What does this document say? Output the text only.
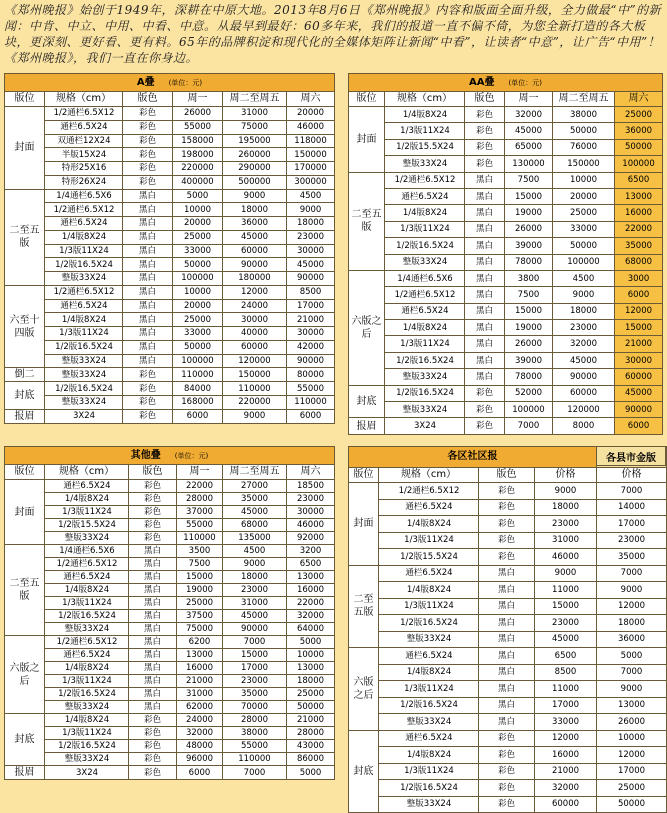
《郑州晚报》始创于1949年，深耕在中原大地。2013年8月6日《郑州晚报》内容和版面全面升级，全力做最“中”的新闻：中肯、中立、中用、中看、中意。从最早到最好：60多年来，我们的报道一直不偏不倚，为您全新打造的各大板块，更深刻、更好看、更有料。65年的品牌积淀和现代化的全媒体矩阵让新闻“中看”，让读者“中意”，让广告“中用”！《郑州晚报》，我们一直在你身边。
A叠 (单位：元)					
版位	规格（cm）	版色	周一	周二至周五	周六
封面	1/2通栏6.5X12	彩色	26000	31000	20000
	通栏6.5X24	彩色	55000	75000	46000
	双通栏12X24	彩色	158000	195000	118000
	半版15X24	彩色	198000	260000	150000
	特形25X16	彩色	220000	290000	170000
	特形26X24	彩色	400000	500000	300000
二至五版	1/4通栏6.5X6	黑白	5000	9000	4500
	1/2通栏6.5X12	黑白	10000	18000	9000
	通栏6.5X24	黑白	20000	36000	18000
	1/4版8X24	黑白	25000	45000	23000
	1/3版11X24	黑白	33000	60000	30000
	1/2版16.5X24	黑白	50000	90000	45000
	整版33X24	黑白	100000	180000	90000
六至十四版	1/2通栏6.5X12	黑白	10000	12000	8500
	通栏6.5X24	黑白	20000	24000	17000
	1/4版8X24	黑白	25000	30000	21000
	1/3版11X24	黑白	33000	40000	30000
	1/2版16.5X24	黑白	50000	60000	42000
	整版33X24	黑白	100000	120000	90000
倒二	整版33X24	彩色	110000	150000	80000
封底	1/2版16.5X24	彩色	84000	110000	55000
	整版33X24	彩色	168000	220000	110000
报眉	3X24	彩色	6000	9000	6000
AA叠 (单位：元)					
版位	规格（cm）	版色	周一	周二至周五	周六
封面	1/4版8X24	彩色	32000	38000	25000
	1/3版11X24	彩色	45000	50000	36000
	1/2版15.5X24	彩色	65000	76000	50000
	整版33X24	彩色	130000	150000	100000
二至五版	1/2通栏6.5X12	黑白	7500	10000	6500
	通栏6.5X24	黑白	15000	20000	13000
	1/4版8X24	黑白	19000	25000	16000
	1/3版11X24	黑白	26000	33000	22000
	1/2版16.5X24	黑白	39000	50000	35000
	整版33X24	黑白	78000	100000	68000
六版之后	1/4通栏6.5X6	黑白	3800	4500	3000
	1/2通栏6.5X12	黑白	7500	9000	6000
	通栏6.5X24	黑白	15000	18000	12000
	1/4版8X24	黑白	19000	23000	15000
	1/3版11X24	黑白	26000	32000	21000
	1/2版16.5X24	黑白	39000	45000	30000
	整版33X24	黑白	78000	90000	60000
封底	1/2版16.5X24	彩色	52000	60000	45000
	整版33X24	彩色	100000	120000	90000
报眉	3X24	彩色	7000	8000	6000
其他叠 (单位：元)					
版位	规格（cm）	版色	周一	周二至周五	周六
封面	通栏6.5X24	彩色	22000	27000	18500
	1/4版8X24	彩色	28000	35000	23000
	1/3版11X24	彩色	37000	45000	30000
	1/2版15.5X24	彩色	55000	68000	46000
	整版33X24	彩色	110000	135000	92000
二至五版	1/4通栏6.5X6	黑白	3500	4500	3200
	1/2通栏6.5X12	黑白	7500	9000	6500
	通栏6.5X24	黑白	15000	18000	13000
	1/4版8X24	黑白	19000	23000	16000
	1/3版11X24	黑白	25000	31000	22000
	1/2版16.5X24	黑白	37500	45000	32000
	整版33X24	黑白	75000	90000	64000
六版之后	1/2通栏6.5X12	黑白	6200	7000	5000
	通栏6.5X24	黑白	13000	15000	10000
	1/4版8X24	黑白	16000	17000	13000
	1/3版11X24	黑白	21000	23000	18000
	1/2版16.5X24	黑白	31000	35000	25000
	整版33X24	黑白	62000	70000	50000
封底	1/4版8X24	彩色	24000	28000	21000
	1/3版11X24	彩色	32000	38000	28000
	1/2版16.5X24	彩色	48000	55000	43000
	整版33X24	彩色	96000	110000	86000
报眉	3X24	彩色	6000	7000	5000
各区社区报				
版位	规格（cm）	版色	价格	价格
封面	1/2通栏6.5X12	彩色	9000	7000
	通栏6.5X24	彩色	18000	14000
	1/4版8X24	彩色	23000	17000
	1/3版11X24	彩色	31000	23000
	1/2版15.5X24	彩色	46000	35000
二至五版	通栏6.5X24	黑白	9000	7000
	1/4版8X24	黑白	11000	9000
	1/3版11X24	黑白	15000	12000
	1/2版16.5X24	黑白	23000	18000
	整版33X24	黑白	45000	36000
六版之后	通栏6.5X24	黑白	6500	5000
	1/4版8X24	黑白	8500	7000
	1/3版11X24	黑白	11000	9000
	1/2版16.5X24	黑白	17000	13000
	整版33X24	黑白	33000	26000
封底	通栏6.5X24	彩色	12000	10000
	1/4版8X24	彩色	16000	12000
	1/3版11X24	彩色	21000	17000
	1/2版16.5X24	彩色	32000	25000
	整版33X24	彩色	60000	50000
各县市金版
